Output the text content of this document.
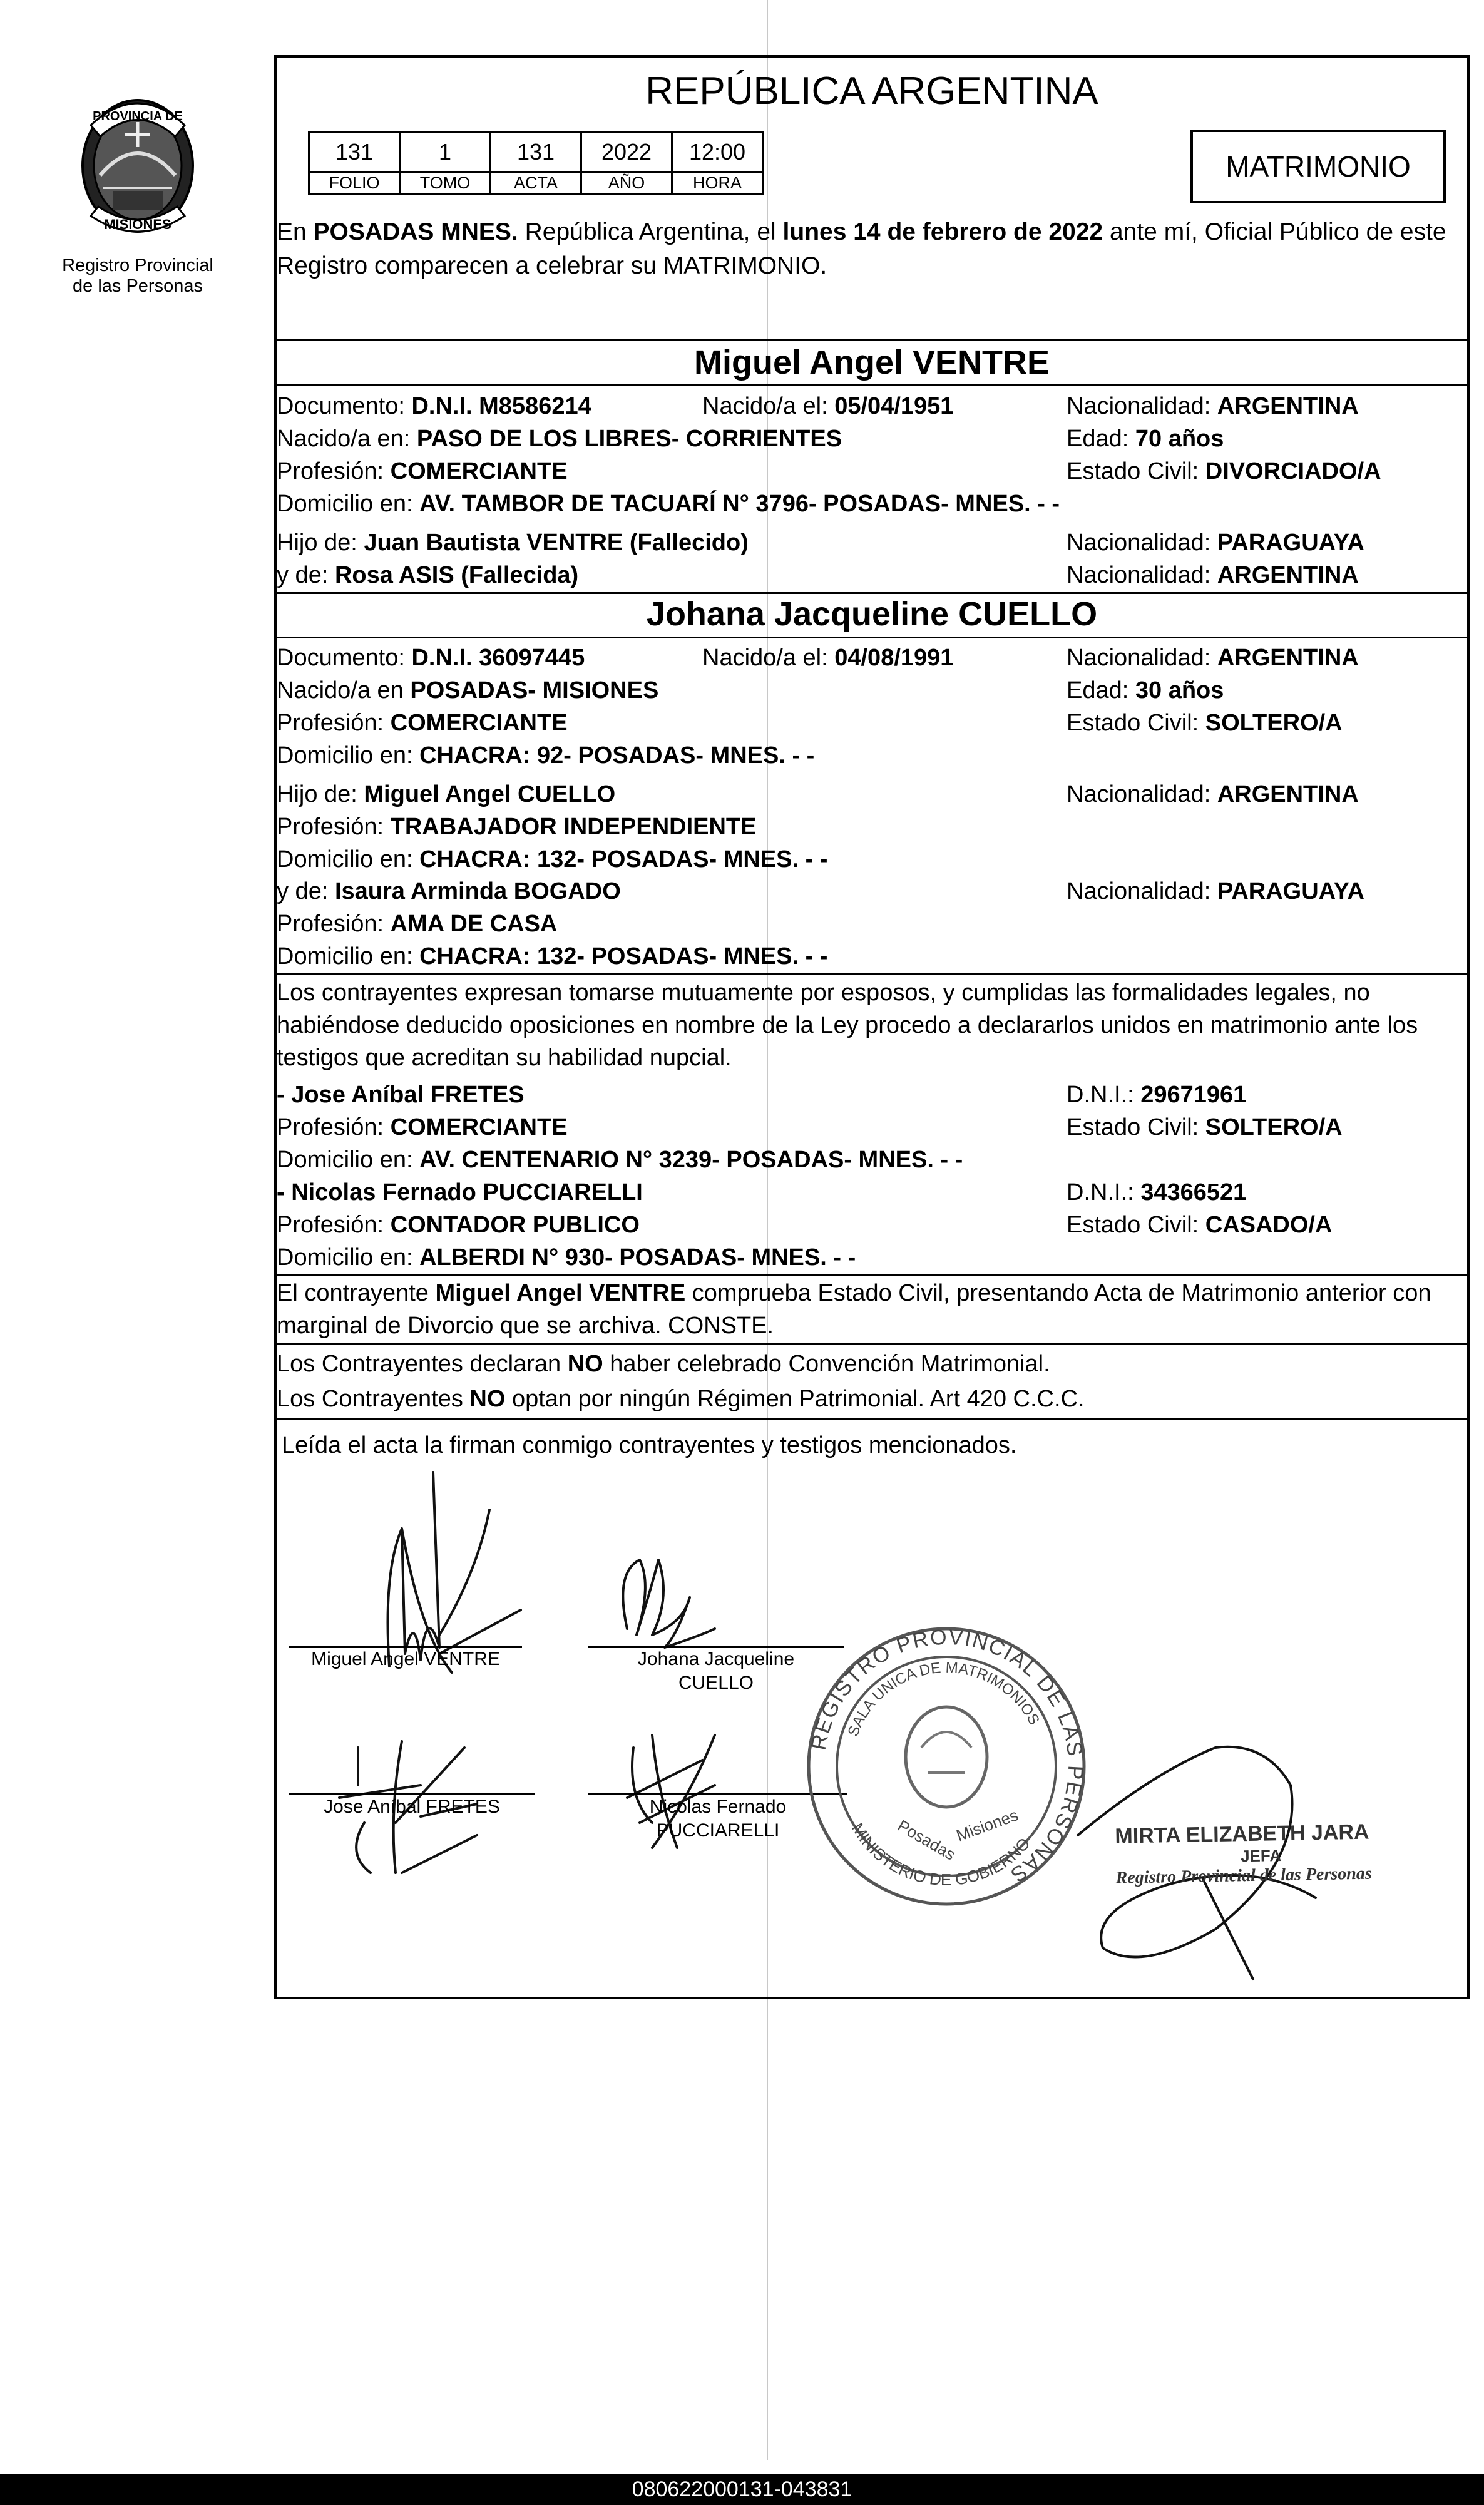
PROVINCIA DE
MISIONES
Registro Provincial
de las Personas
REPÚBLICA ARGENTINA
131	1	131	2022	12:00
FOLIO	TOMO	ACTA	AÑO	HORA	MATRIMONIO
En POSADAS MNES. República Argentina, el lunes 14 de febrero de 2022 ante mí, Oficial Público de este Registro comparecen a celebrar su MATRIMONIO.
Miguel Angel VENTRE
Documento: D.N.I. M8586214	Nacido/a el: 05/04/1951	Nacionalidad: ARGENTINA
Nacido/a en: PASO DE LOS LIBRES- CORRIENTES	Edad: 70 años
Profesión: COMERCIANTE	Estado Civil: DIVORCIADO/A
Domicilio en: AV. TAMBOR DE TACUARÍ N° 3796- POSADAS- MNES. - -
Hijo de: Juan Bautista VENTRE (Fallecido)	Nacionalidad: PARAGUAYA
y de: Rosa ASIS (Fallecida)	Nacionalidad: ARGENTINA
Johana Jacqueline CUELLO
Documento: D.N.I. 36097445	Nacido/a el: 04/08/1991	Nacionalidad: ARGENTINA
Nacido/a en POSADAS- MISIONES	Edad: 30 años
Profesión: COMERCIANTE	Estado Civil: SOLTERO/A
Domicilio en: CHACRA: 92- POSADAS- MNES. - -
Hijo de: Miguel Angel CUELLO	Nacionalidad: ARGENTINA
Profesión: TRABAJADOR INDEPENDIENTE
Domicilio en: CHACRA: 132- POSADAS- MNES. - -
y de: Isaura Arminda BOGADO	Nacionalidad: PARAGUAYA
Profesión: AMA DE CASA
Domicilio en: CHACRA: 132- POSADAS- MNES. - -
Los contrayentes expresan tomarse mutuamente por esposos, y cumplidas las formalidades legales, no habiéndose deducido oposiciones en nombre de la Ley procedo a declararlos unidos en matrimonio ante los testigos que acreditan su habilidad nupcial.
- Jose Aníbal FRETES	D.N.I.: 29671961
Profesión: COMERCIANTE	Estado Civil: SOLTERO/A
Domicilio en: AV. CENTENARIO N° 3239- POSADAS- MNES. - -
- Nicolas Fernado PUCCIARELLI	D.N.I.: 34366521
Profesión: CONTADOR PUBLICO	Estado Civil: CASADO/A
Domicilio en: ALBERDI N° 930- POSADAS- MNES. - -
El contrayente Miguel Angel VENTRE comprueba Estado Civil, presentando Acta de Matrimonio anterior con marginal de Divorcio que se archiva. CONSTE.
Los Contrayentes declaran NO haber celebrado Convención Matrimonial.
Los Contrayentes NO optan por ningún Régimen Patrimonial. Art 420 C.C.C.
Leída el acta la firman conmigo contrayentes y testigos mencionados.
Miguel Angel VENTRE	Johana Jacqueline
CUELLO
Jose Aníbal FRETES	Nicolas Fernado
PUCCIARELLI
REGISTRO PROVINCIAL DE LAS PERSONAS
SALA UNICA DE MATRIMONIOS
MINISTERIO DE GOBIERNO
Posadas
Misiones	MIRTA ELIZABETH JARA
JEFA
Registro Provincial de las Personas
080622000131-043831
